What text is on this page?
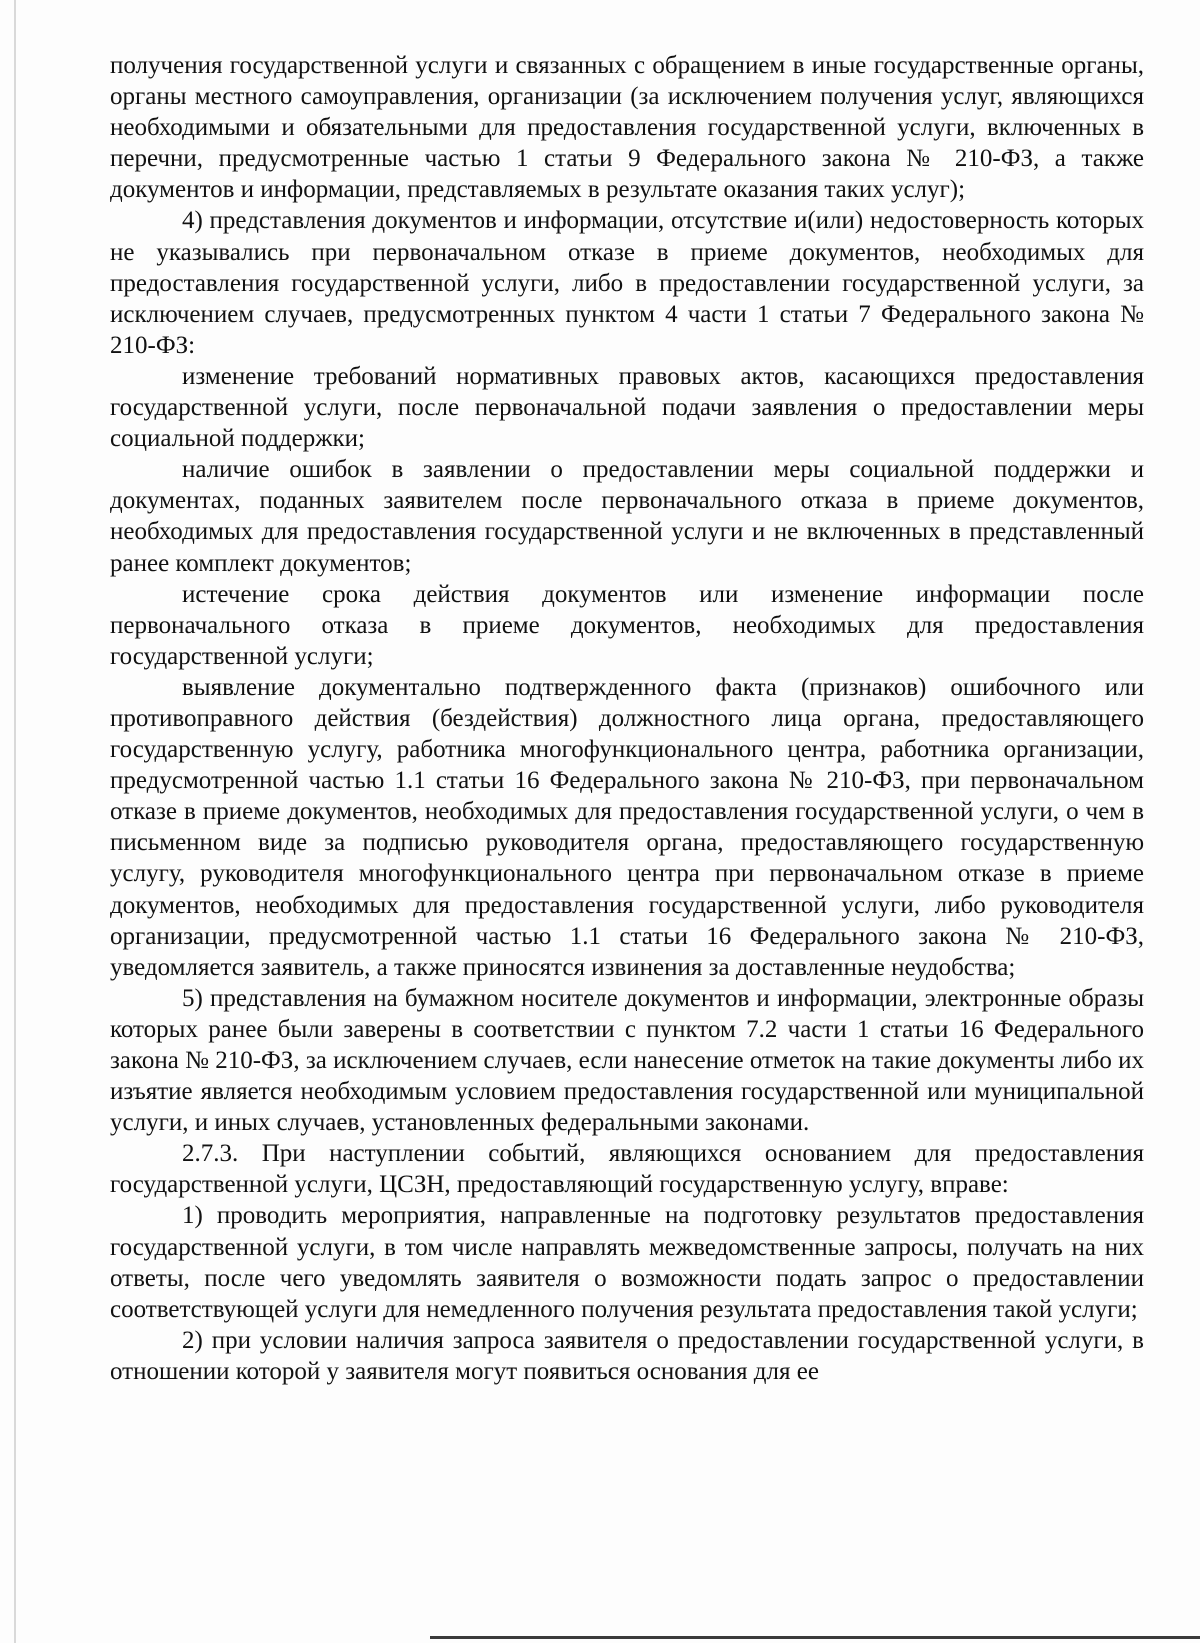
получения государственной услуги и связанных с обращением в иные государственные органы, органы местного самоуправления, организации (за исключением получения услуг, являющихся необходимыми и обязательными для предоставления государственной услуги, включенных в перечни, предусмотренные частью 1 статьи 9 Федерального закона № 210-ФЗ, а также документов и информации, представляемых в результате оказания таких услуг);

4) представления документов и информации, отсутствие и(или) недостоверность которых не указывались при первоначальном отказе в приеме документов, необходимых для предоставления государственной услуги, либо в предоставлении государственной услуги, за исключением случаев, предусмотренных пунктом 4 части 1 статьи 7 Федерального закона № 210-ФЗ:

изменение требований нормативных правовых актов, касающихся предоставления государственной услуги, после первоначальной подачи заявления о предоставлении меры социальной поддержки;

наличие ошибок в заявлении о предоставлении меры социальной поддержки и документах, поданных заявителем после первоначального отказа в приеме документов, необходимых для предоставления государственной услуги и не включенных в представленный ранее комплект документов;

истечение срока действия документов или изменение информации после первоначального отказа в приеме документов, необходимых для предоставления государственной услуги;

выявление документально подтвержденного факта (признаков) ошибочного или противоправного действия (бездействия) должностного лица органа, предоставляющего государственную услугу, работника многофункционального центра, работника организации, предусмотренной частью 1.1 статьи 16 Федерального закона № 210-ФЗ, при первоначальном отказе в приеме документов, необходимых для предоставления государственной услуги, о чем в письменном виде за подписью руководителя органа, предоставляющего государственную услугу, руководителя многофункционального центра при первоначальном отказе в приеме документов, необходимых для предоставления государственной услуги, либо руководителя организации, предусмотренной частью 1.1 статьи 16 Федерального закона № 210-ФЗ, уведомляется заявитель, а также приносятся извинения за доставленные неудобства;

5) представления на бумажном носителе документов и информации, электронные образы которых ранее были заверены в соответствии с пунктом 7.2 части 1 статьи 16 Федерального закона № 210-ФЗ, за исключением случаев, если нанесение отметок на такие документы либо их изъятие является необходимым условием предоставления государственной или муниципальной услуги, и иных случаев, установленных федеральными законами.

2.7.3. При наступлении событий, являющихся основанием для предоставления государственной услуги, ЦСЗН, предоставляющий государственную услугу, вправе:

1) проводить мероприятия, направленные на подготовку результатов предоставления государственной услуги, в том числе направлять межведомственные запросы, получать на них ответы, после чего уведомлять заявителя о возможности подать запрос о предоставлении соответствующей услуги для немедленного получения результата предоставления такой услуги;

2) при условии наличия запроса заявителя о предоставлении государственной услуги, в отношении которой у заявителя могут появиться основания для ее
